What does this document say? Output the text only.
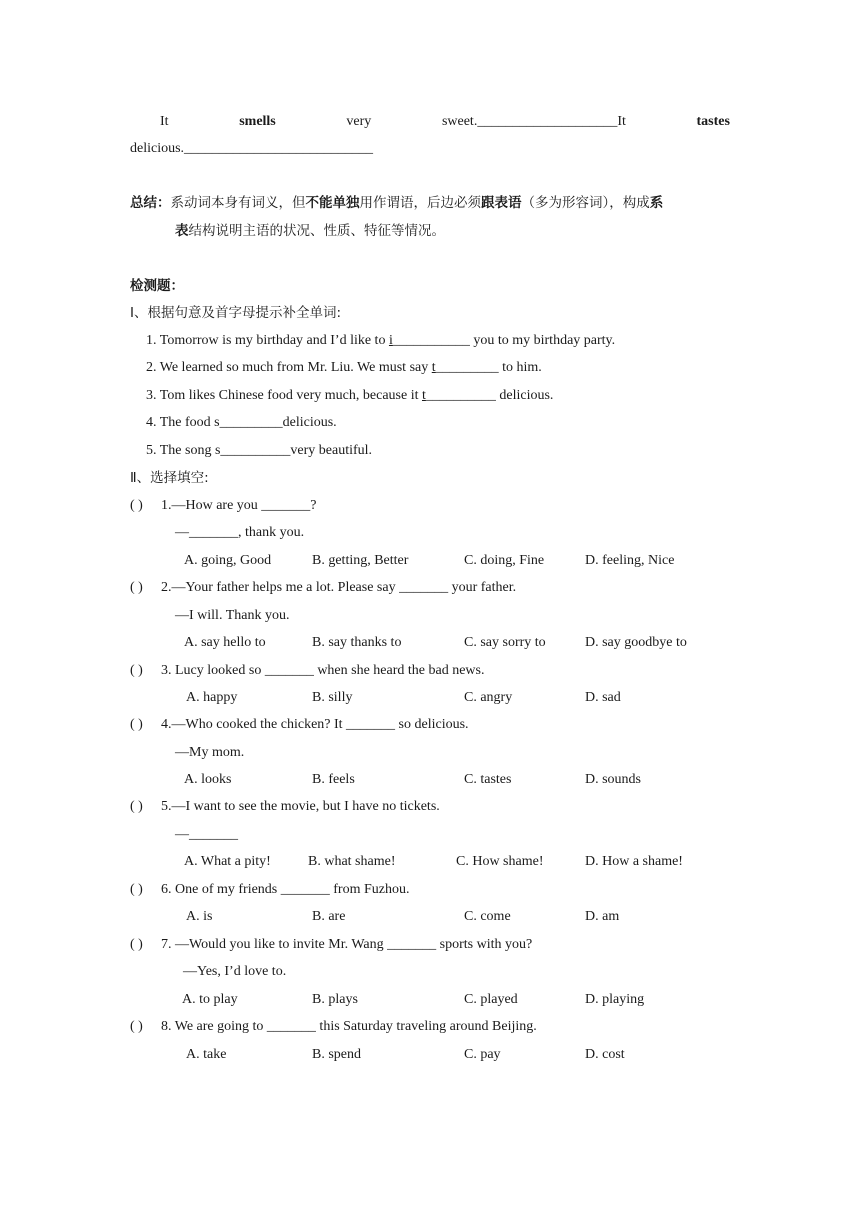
It	smells	very	sweet.____________________It	tastes
delicious.___________________________
总结：系动词本身有词义，但不能单独用作谓语，后边必须跟表语（多为形容词），构成系
表结构说明主语的状况、性质、特征等情况。
检测题：
Ⅰ、根据句意及首字母提示补全单词:
1. Tomorrow is my birthday and I’d like to i___________ you to my birthday party.
2. We learned so much from Mr. Liu. We must say t_________ to him.
3. Tom likes Chinese food very much, because it t__________ delicious.
4. The food s_________delicious.
5. The song s__________very beautiful.
Ⅱ、选择填空:
( ) 1.—How are you _______?
—_______, thank you.
A. going, Good	B. getting, Better	C. doing, Fine	D. feeling, Nice
( ) 2.—Your father helps me a lot. Please say _______ your father.
—I will. Thank you.
A. say hello to	B. say thanks to	C. say sorry to	D. say goodbye to
( ) 3. Lucy looked so _______ when she heard the bad news.
A. happy	B. silly	C. angry	D. sad
( ) 4.—Who cooked the chicken? It _______ so delicious.
—My mom.
A. looks	B. feels	C. tastes	D. sounds
( ) 5.—I want to see the movie, but I have no tickets.
—_______
A. What a pity!	B. what shame!	C. How shame!	D. How a shame!
( ) 6. One of my friends _______ from Fuzhou.
A. is	B. are	C. come	D. am
( ) 7. —Would you like to invite Mr. Wang _______ sports with you?
—Yes, I’d love to.
A. to play	B. plays	C. played	D. playing
( ) 8. We are going to _______ this Saturday traveling around Beijing.
A. take	B. spend	C. pay	D. cost
